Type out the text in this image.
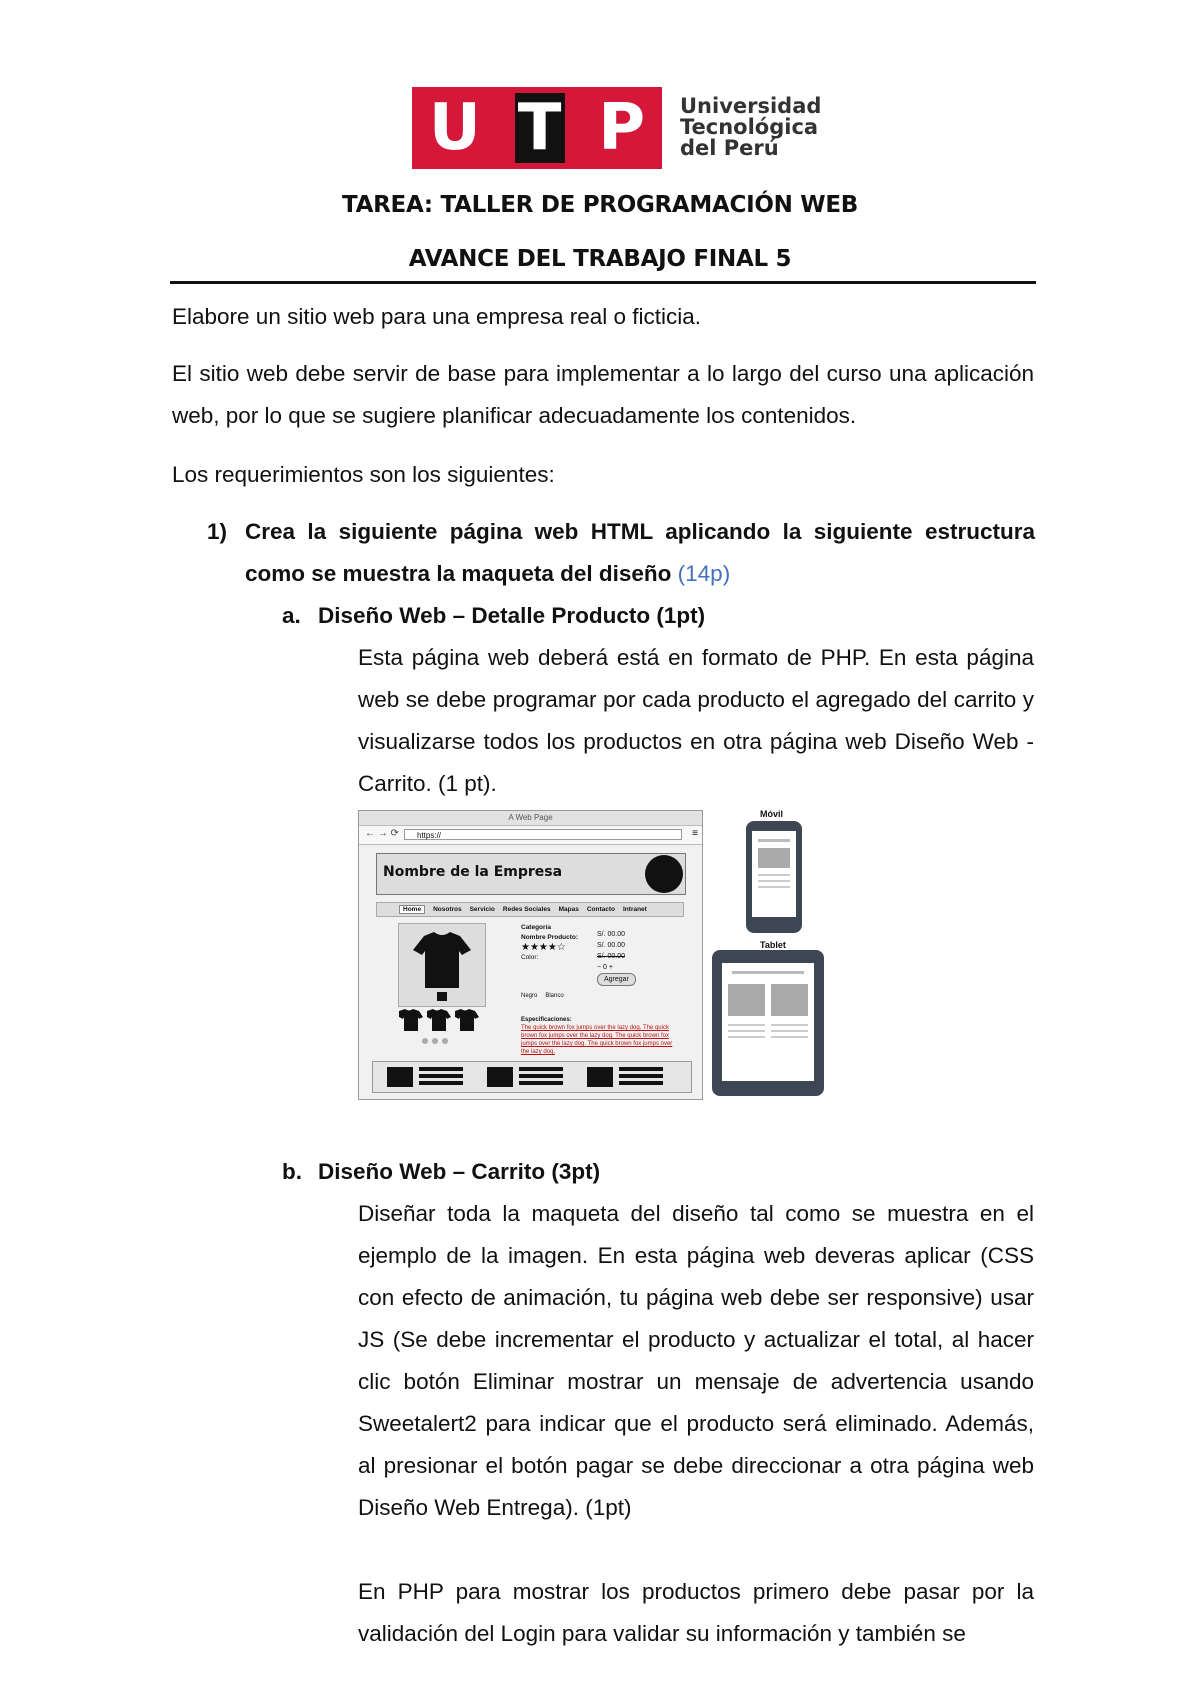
U T P Universidad
Tecnológica
del Perú
TAREA: TALLER DE PROGRAMACIÓN WEB
AVANCE DEL TRABAJO FINAL 5
Elabore un sitio web para una empresa real o ficticia.
El sitio web debe servir de base para implementar a lo largo del curso una aplicación web, por lo que se sugiere planificar adecuadamente los contenidos.
Los requerimientos son los siguientes:
1) Crea la siguiente página web HTML aplicando la siguiente estructura como se muestra la maqueta del diseño (14p)
a. Diseño Web – Detalle Producto (1pt)
Esta página web deberá está en formato de PHP. En esta página web se debe programar por cada producto el agregado del carrito y visualizarse todos los productos en otra página web Diseño Web - Carrito. (1 pt).
A Web Page
← → ⟳	https://	≡
Nombre de la Empresa
Home	Nosotros Servicio Redes Sociales Mapas Contacto Intranet
Categoría
Nombre Producto:
★★★★☆
Color:
S/. 00.00
S/. 00.00
S/. 00.00
− 0 +
Agregar
Negro Blanco
Especificaciones:
The quick brown fox jumps over the lazy dog. The quick brown fox jumps over the lazy dog. The quick brown fox jumps over the lazy dog. The quick brown fox jumps over the lazy dog.
Móvil
Tablet
b. Diseño Web – Carrito (3pt)
Diseñar toda la maqueta del diseño tal como se muestra en el ejemplo de la imagen. En esta página web deveras aplicar (CSS con efecto de animación, tu página web debe ser responsive) usar JS (Se debe incrementar el producto y actualizar el total, al hacer clic botón Eliminar mostrar un mensaje de advertencia usando Sweetalert2 para indicar que el producto será eliminado. Además, al presionar el botón pagar se debe direccionar a otra página web Diseño Web Entrega). (1pt)
En PHP para mostrar los productos primero debe pasar por la validación del Login para validar su información y también se
